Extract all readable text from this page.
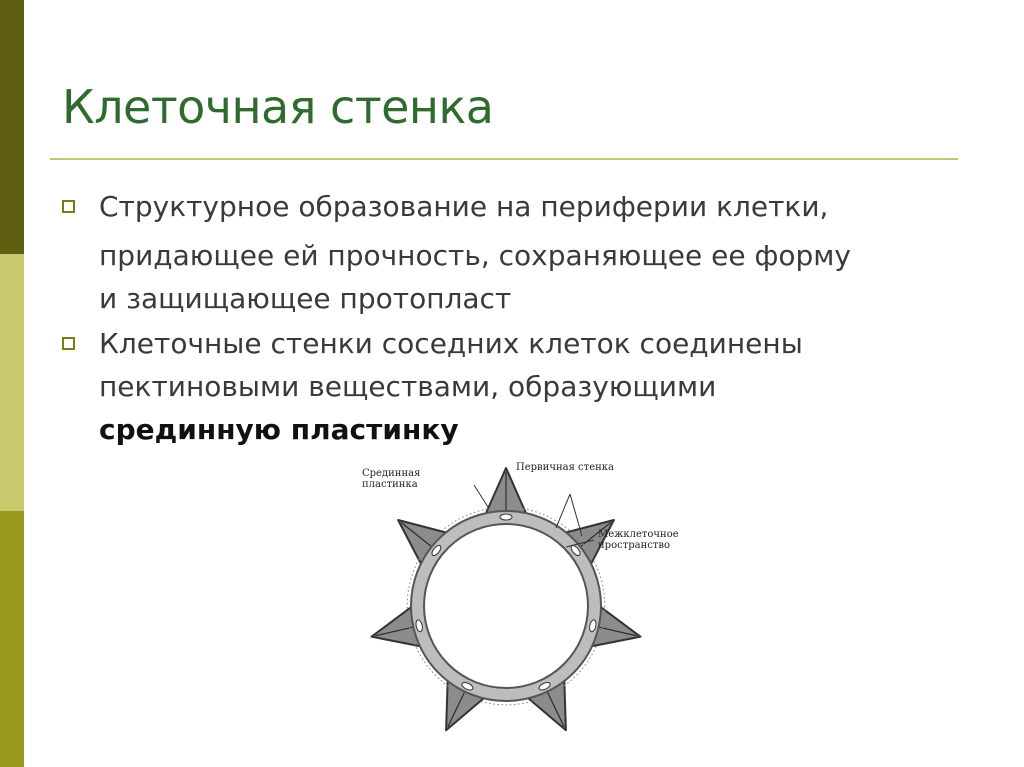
Клеточная стенка
Структурное образование на периферии клетки,
придающее ей прочность, сохраняющее ее форму
и защищающее протопласт
Клеточные стенки соседних клеток соединены
пектиновыми веществами, образующими
срединную пластинку
Срединная
пластинка
Первичная стенка
Межклеточное
пространство
